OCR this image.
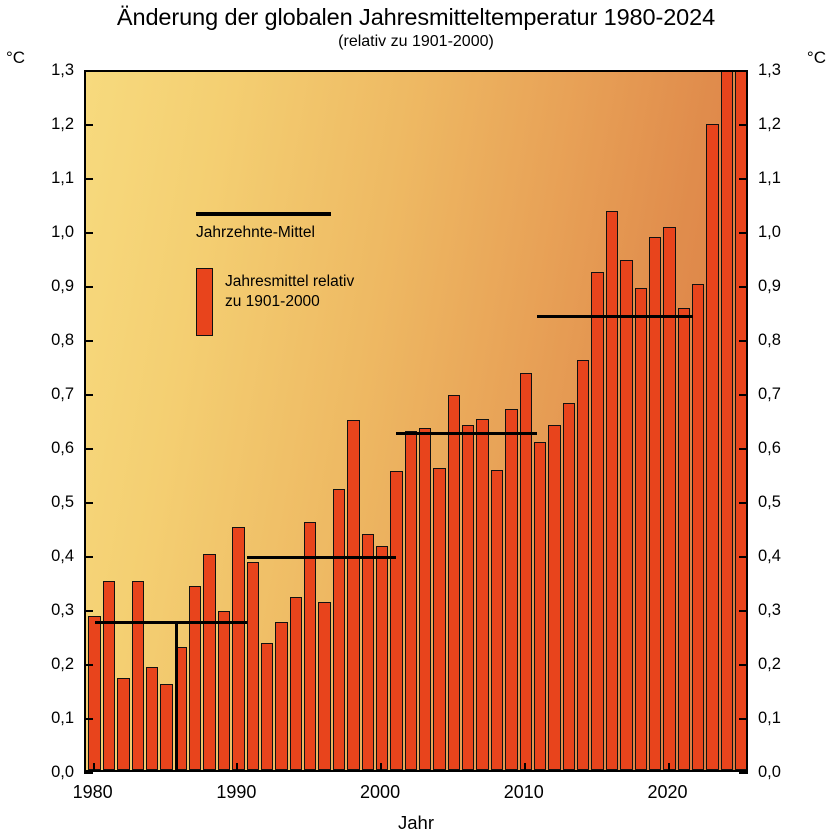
Änderung der globalen Jahresmitteltemperatur 1980-2024
(relativ zu 1901-2000)
°C	°C
Jahrzehnte-Mittel
Jahresmittel relativ
zu 1901-2000
0,0	0,0
0,1	0,1
0,2	0,2
0,3	0,3
0,4	0,4
0,5	0,5
0,6	0,6
0,7	0,7
0,8	0,8
0,9	0,9
1,0	1,0
1,1	1,1
1,2	1,2
1,3	1,3
1980	1990	2000	2010	2020
Jahr
